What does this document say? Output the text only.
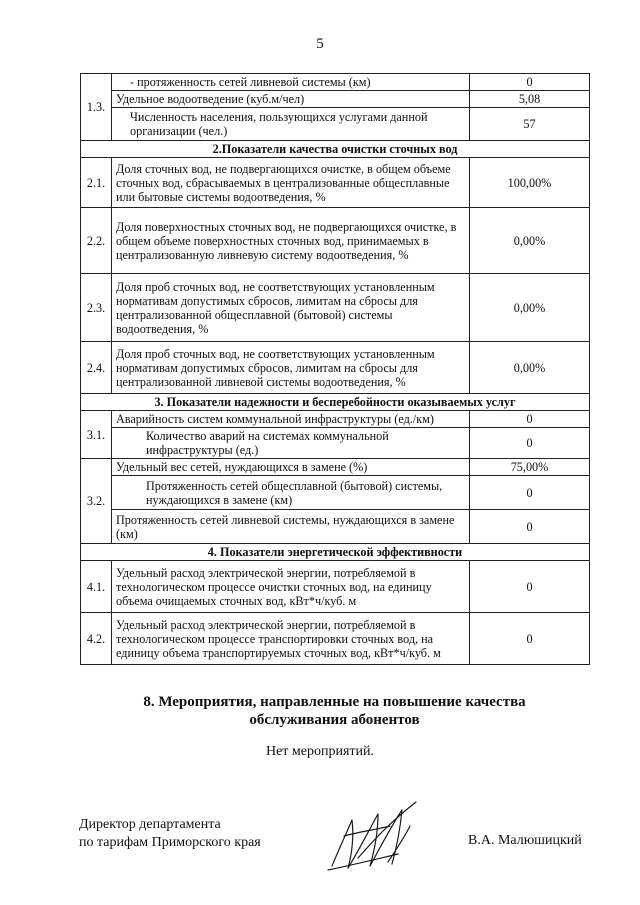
5
1.3.	- протяженность сетей ливневой системы (км)	0
	Удельное водоотведение (куб.м/чел)	5,08
	Численность населения, пользующихся услугами данной организации (чел.)	57
2.Показатели качества очистки сточных вод		
2.1.	Доля сточных вод, не подвергающихся очистке, в общем объеме сточных вод, сбрасываемых в централизованные общесплавные или бытовые системы водоотведения, %	100,00%
2.2.	Доля поверхностных сточных вод, не подвергающихся очистке, в общем объеме поверхностных сточных вод, принимаемых в централизованную ливневую систему водоотведения, %	0,00%
2.3.	Доля проб сточных вод, не соответствующих установленным нормативам допустимых сбросов, лимитам на сбросы для централизованной общесплавной (бытовой) системы водоотведения, %	0,00%
2.4.	Доля проб сточных вод, не соответствующих установленным нормативам допустимых сбросов, лимитам на сбросы для централизованной ливневой системы водоотведения, %	0,00%
3. Показатели надежности и бесперебойности оказываемых услуг		
3.1.	Аварийность систем коммунальной инфраструктуры (ед./км)	0
	Количество аварий на системах коммунальной инфраструктуры (ед.)	0
3.2.	Удельный вес сетей, нуждающихся в замене (%)	75,00%
	Протяженность сетей общесплавной (бытовой) системы, нуждающихся в замене (км)	0
	Протяженность сетей ливневой системы, нуждающихся в замене (км)	0
4. Показатели энергетической эффективности		
4.1.	Удельный расход электрической энергии, потребляемой в технологическом процессе очистки сточных вод, на единицу объема очищаемых сточных вод, кВт*ч/куб. м	0
4.2.	Удельный расход электрической энергии, потребляемой в технологическом процессе транспортировки сточных вод, на единицу объема транспортируемых сточных вод, кВт*ч/куб. м	0
8. Мероприятия, направленные на повышение качества
обслуживания абонентов
Нет мероприятий.
Директор департамента
по тарифам Приморского края	В.А. Малюшицкий
